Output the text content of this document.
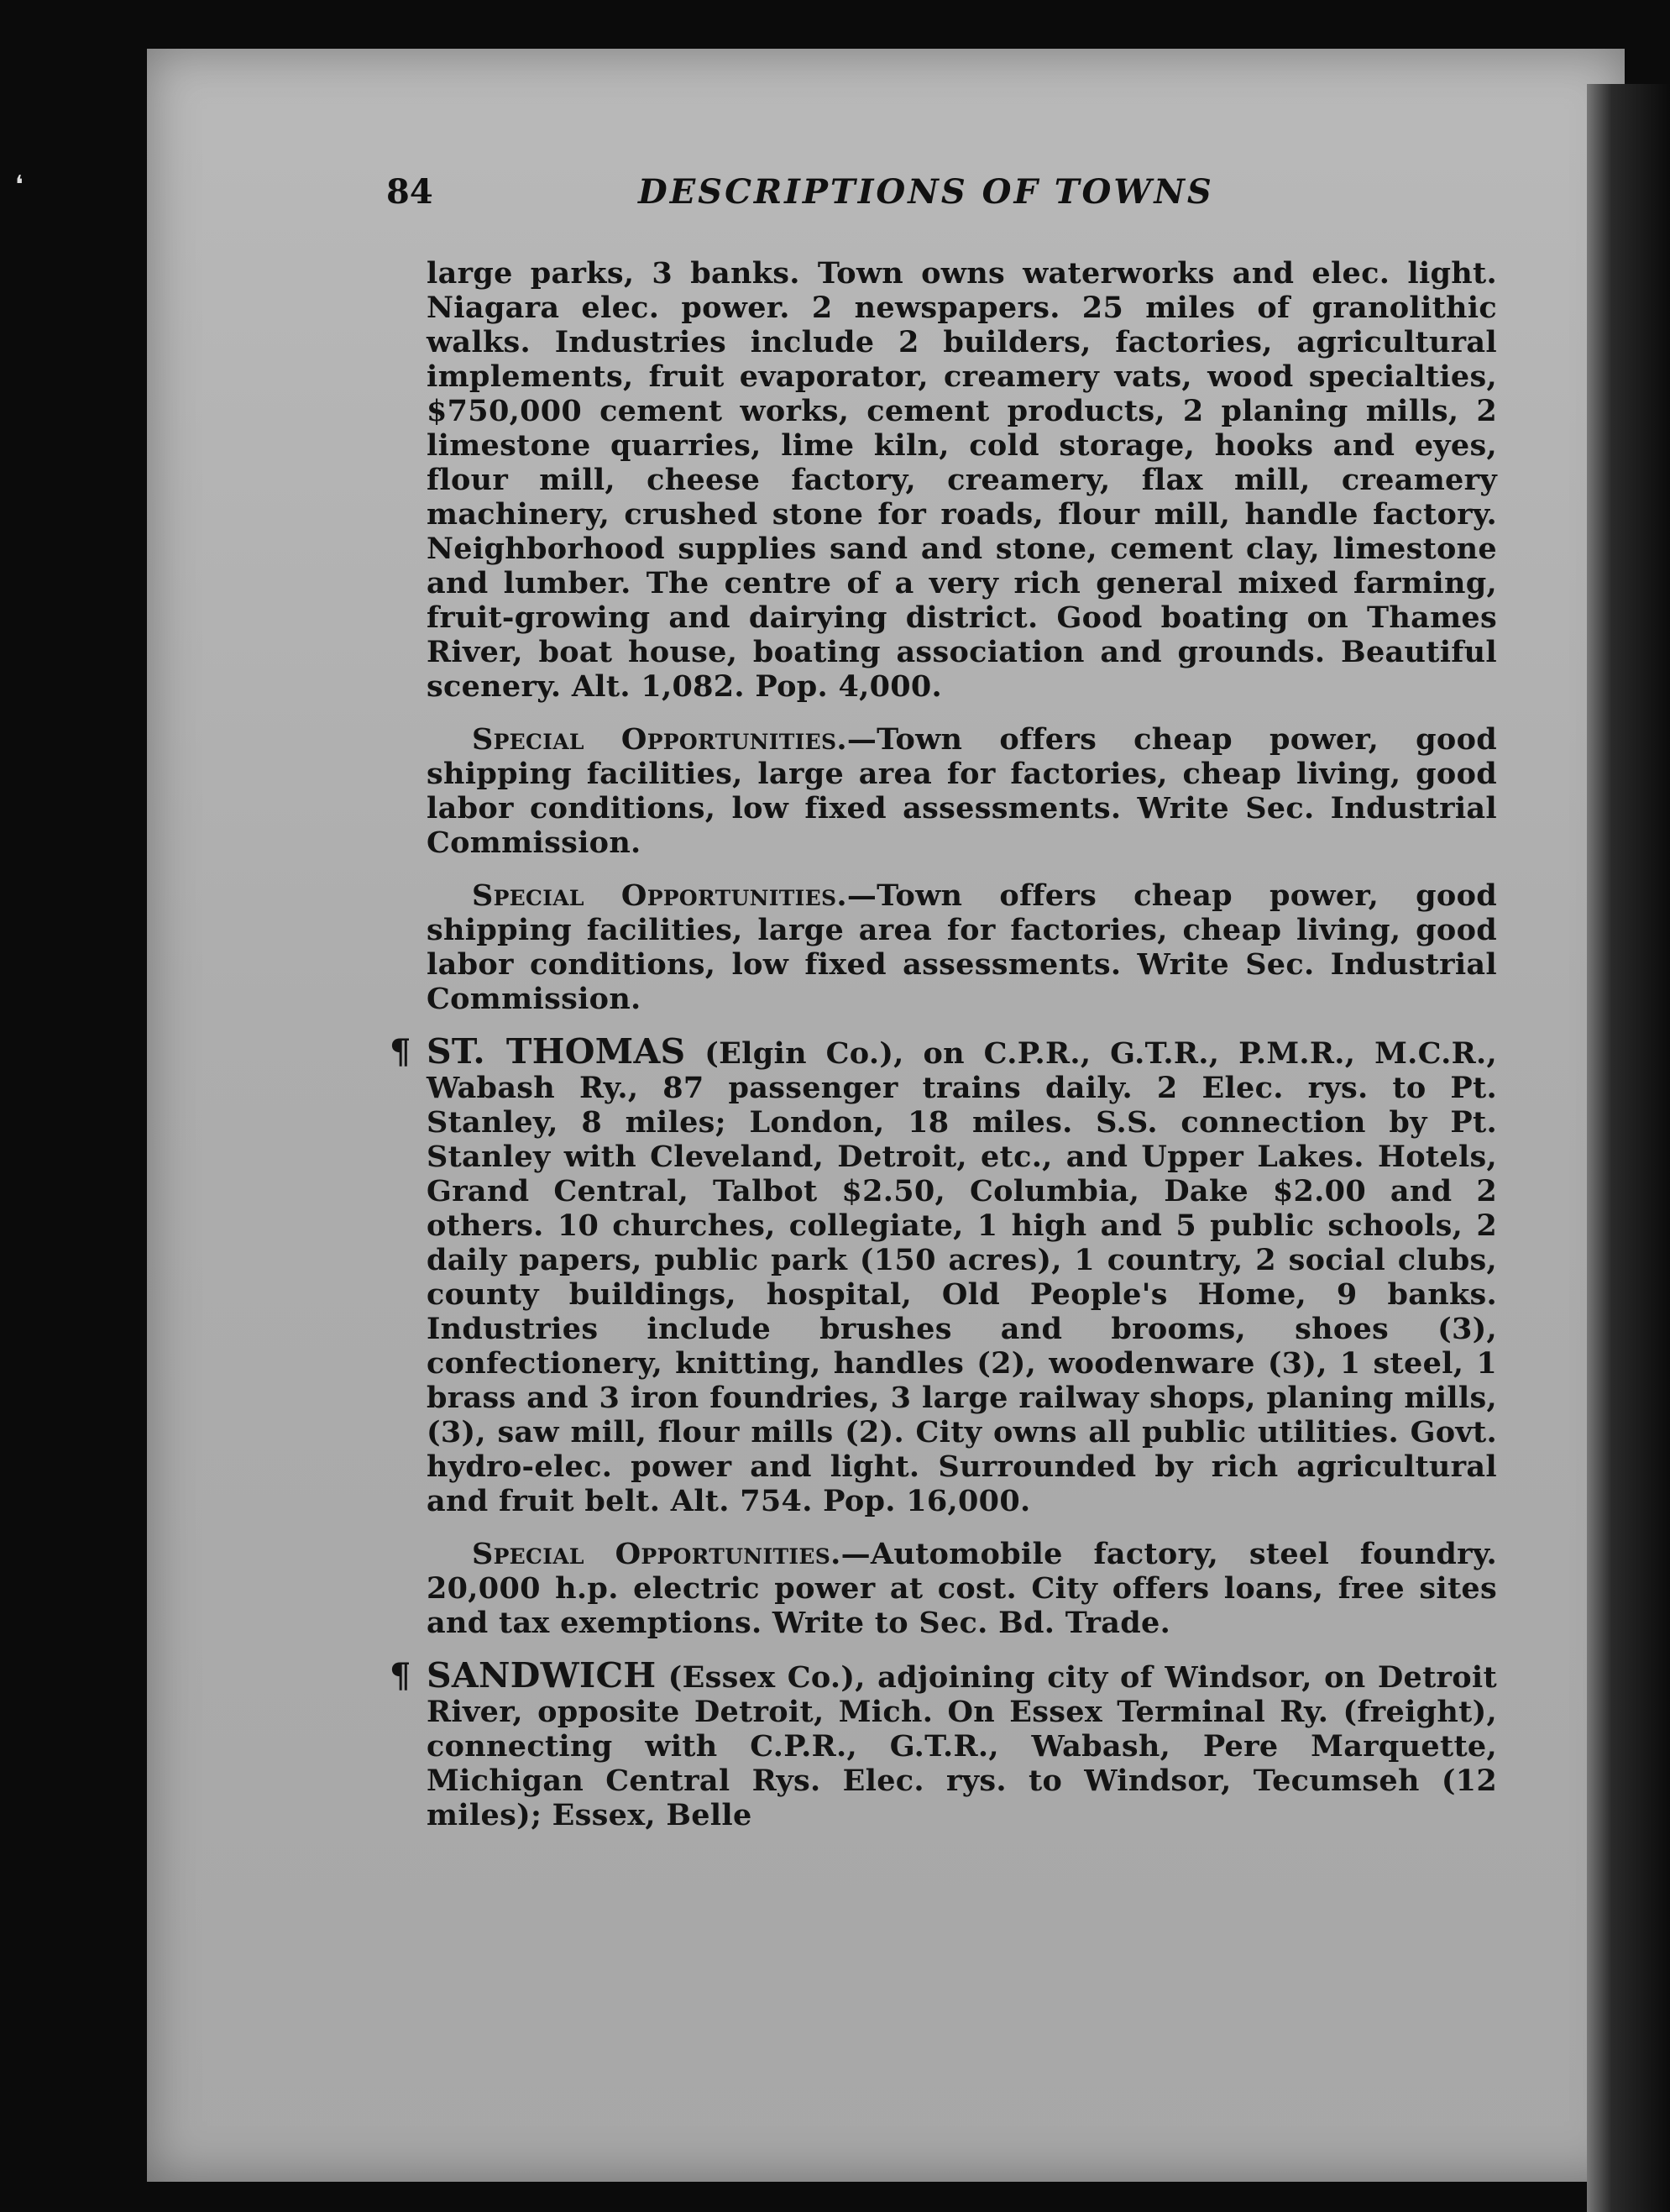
❛	84	DESCRIPTIONS OF TOWNS

large parks, 3 banks. Town owns waterworks and elec. light. Niagara elec. power. 2 newspapers. 25 miles of granolithic walks. Industries include 2 builders, factories, agricultural implements, fruit evaporator, creamery vats, wood specialties, $750,000 cement works, cement products, 2 planing mills, 2 limestone quarries, lime kiln, cold storage, hooks and eyes, flour mill, cheese factory, creamery, flax mill, creamery machinery, crushed stone for roads, flour mill, handle factory. Neighborhood supplies sand and stone, cement clay, limestone and lumber. The centre of a very rich general mixed farming, fruit-growing and dairying district. Good boating on Thames River, boat house, boating association and grounds. Beautiful scenery. Alt. 1,082. Pop. 4,000.

Special Opportunities.—Town offers cheap power, good shipping facilities, large area for factories, cheap living, good labor conditions, low fixed assessments. Write Sec. Industrial Commission.

Special Opportunities.—Town offers cheap power, good shipping facilities, large area for factories, cheap living, good labor conditions, low fixed assessments. Write Sec. Industrial Commission.

¶ ST. THOMAS (Elgin Co.), on C.P.R., G.T.R., P.M.R., M.C.R., Wabash Ry., 87 passenger trains daily. 2 Elec. rys. to Pt. Stanley, 8 miles; London, 18 miles. S.S. connection by Pt. Stanley with Cleveland, Detroit, etc., and Upper Lakes. Hotels, Grand Central, Talbot $2.50, Columbia, Dake $2.00 and 2 others. 10 churches, collegiate, 1 high and 5 public schools, 2 daily papers, public park (150 acres), 1 country, 2 social clubs, county buildings, hospital, Old People's Home, 9 banks. Industries include brushes and brooms, shoes (3), confectionery, knitting, handles (2), woodenware (3), 1 steel, 1 brass and 3 iron foundries, 3 large railway shops, planing mills, (3), saw mill, flour mills (2). City owns all public utilities. Govt. hydro-elec. power and light. Surrounded by rich agricultural and fruit belt. Alt. 754. Pop. 16,000.

Special Opportunities.—Automobile factory, steel foundry. 20,000 h.p. electric power at cost. City offers loans, free sites and tax exemptions. Write to Sec. Bd. Trade.

¶ SANDWICH (Essex Co.), adjoining city of Windsor, on Detroit River, opposite Detroit, Mich. On Essex Terminal Ry. (freight), connecting with C.P.R., G.T.R., Wabash, Pere Marquette, Michigan Central Rys. Elec. rys. to Windsor, Tecumseh (12 miles); Essex, Belle
